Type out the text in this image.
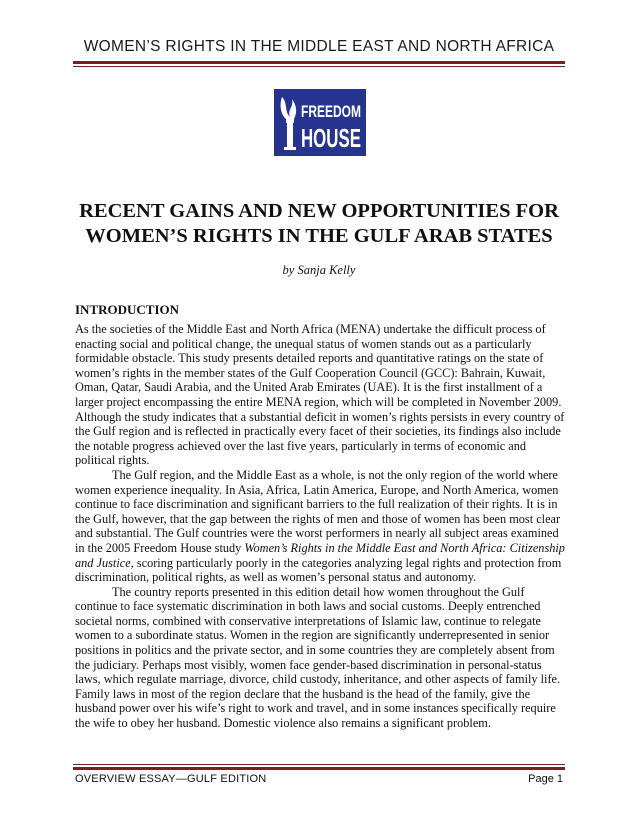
WOMEN’S RIGHTS IN THE MIDDLE EAST AND NORTH AFRICA
FREEDOM
HOUSE
RECENT GAINS AND NEW OPPORTUNITIES FOR WOMEN’S RIGHTS IN THE GULF ARAB STATES
by Sanja Kelly
INTRODUCTION

As the societies of the Middle East and North Africa (MENA) undertake the difficult process of enacting social and political change, the unequal status of women stands out as a particularly formidable obstacle. This study presents detailed reports and quantitative ratings on the state of women’s rights in the member states of the Gulf Cooperation Council (GCC): Bahrain, Kuwait, Oman, Qatar, Saudi Arabia, and the United Arab Emirates (UAE). It is the first installment of a larger project encompassing the entire MENA region, which will be completed in November 2009. Although the study indicates that a substantial deficit in women’s rights persists in every country of the Gulf region and is reflected in practically every facet of their societies, its findings also include the notable progress achieved over the last five years, particularly in terms of economic and political rights.

The Gulf region, and the Middle East as a whole, is not the only region of the world where women experience inequality. In Asia, Africa, Latin America, Europe, and North America, women continue to face discrimination and significant barriers to the full realization of their rights. It is in the Gulf, however, that the gap between the rights of men and those of women has been most clear and substantial. The Gulf countries were the worst performers in nearly all subject areas examined in the 2005 Freedom House study Women’s Rights in the Middle East and North Africa: Citizenship and Justice, scoring particularly poorly in the categories analyzing legal rights and protection from discrimination, political rights, as well as women’s personal status and autonomy.

The country reports presented in this edition detail how women throughout the Gulf continue to face systematic discrimination in both laws and social customs. Deeply entrenched societal norms, combined with conservative interpretations of Islamic law, continue to relegate women to a subordinate status. Women in the region are significantly underrepresented in senior positions in politics and the private sector, and in some countries they are completely absent from the judiciary. Perhaps most visibly, women face gender-based discrimination in personal-status laws, which regulate marriage, divorce, child custody, inheritance, and other aspects of family life. Family laws in most of the region declare that the husband is the head of the family, give the husband power over his wife’s right to work and travel, and in some instances specifically require the wife to obey her husband. Domestic violence also remains a significant problem.

OVERVIEW ESSAY—GULF EDITION	Page 1
